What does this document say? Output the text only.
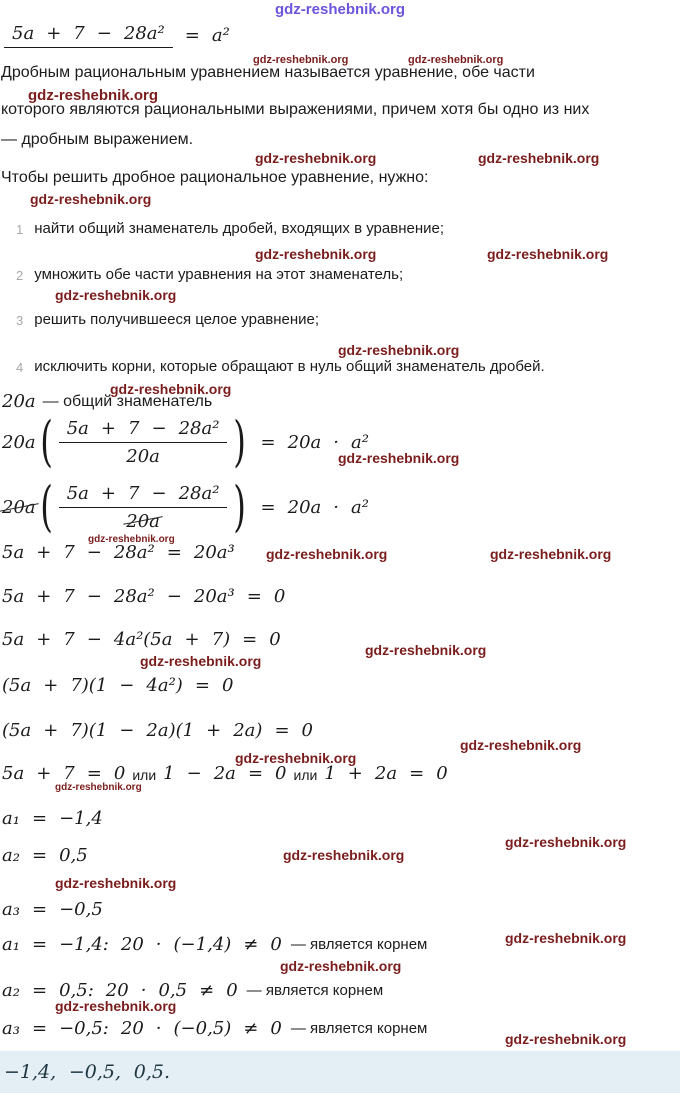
gdz-reshebnik.org
gdz-reshebnik.org	gdz-reshebnik.org
gdz-reshebnik.org
gdz-reshebnik.org	gdz-reshebnik.org
gdz-reshebnik.org
gdz-reshebnik.org	gdz-reshebnik.org
gdz-reshebnik.org
gdz-reshebnik.org
gdz-reshebnik.org
gdz-reshebnik.org
gdz-reshebnik.org
gdz-reshebnik.org	gdz-reshebnik.org
gdz-reshebnik.org
gdz-reshebnik.org
gdz-reshebnik.org
gdz-reshebnik.org
gdz-reshebnik.org
gdz-reshebnik.org
gdz-reshebnik.org
gdz-reshebnik.org
gdz-reshebnik.org
gdz-reshebnik.org
gdz-reshebnik.org
gdz-reshebnik.org
5a + 7 − 28a²	= a²
Дробным рациональным уравнением называется уравнение, обе части
которого являются рациональными выражениями, причем хотя бы одно из них
— дробным выражением.
Чтобы решить дробное рациональное уравнение, нужно:
1 найти общий знаменатель дробей, входящих в уравнение;
2 умножить обе части уравнения на этот знаменатель;
3 решить получившееся целое уравнение;
4 исключить корни, которые обращают в нуль общий знаменатель дробей.
20a — общий знаменатель
20a ( $\frac{\text{5a + 7 − 28a²}}{20a}$ ) = 20a · a²
20a ( $\frac{\text{5a + 7 − 28a²}}{20a}$ ) = 20a · a²
5a + 7 − 28a² = 20a³
5a + 7 − 28a² − 20a³ = 0
5a + 7 − 4a²(5a + 7) = 0
(5a + 7)(1 − 4a²) = 0
(5a + 7)(1 − 2a)(1 + 2a) = 0
5a + 7 = 0 или 1 − 2a = 0 или 1 + 2a = 0
a₁ = −1,4
a₂ = 0,5
a₃ = −0,5
a₁ = −1,4: 20 · (−1,4) ≠ 0 — является корнем
a₂ = 0,5: 20 · 0,5 ≠ 0 — является корнем
a₃ = −0,5: 20 · (−0,5) ≠ 0 — является корнем
−1,4, −0,5, 0,5.
